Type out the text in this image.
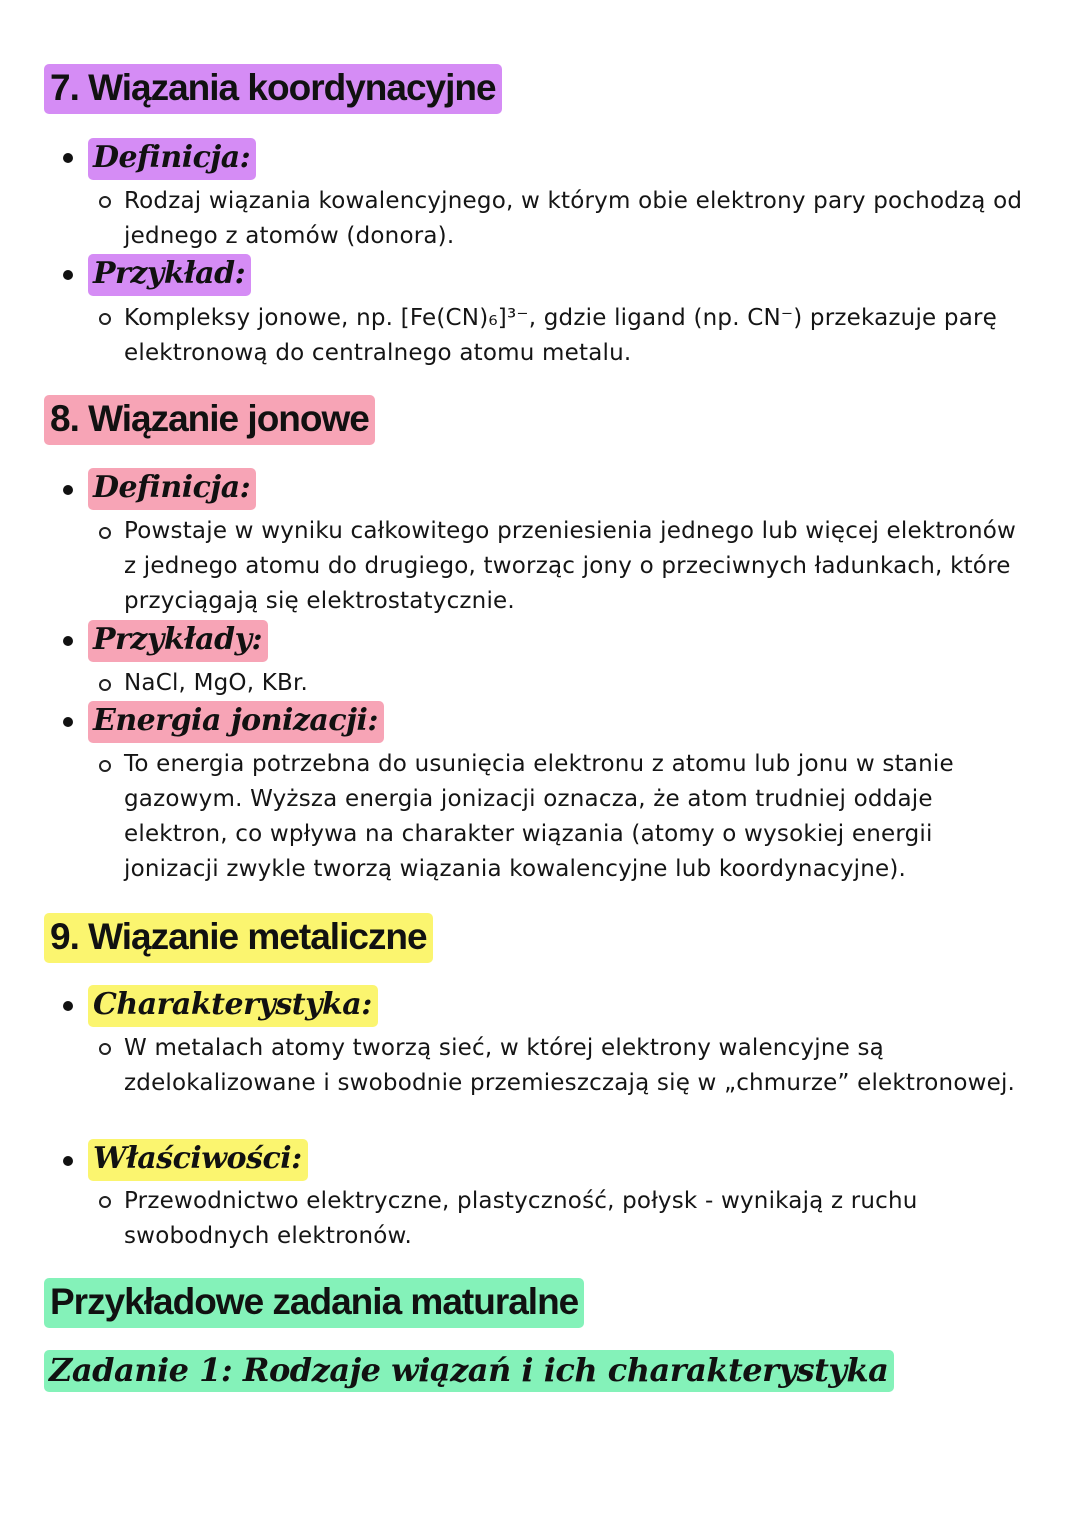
7. Wiązania koordynacyjne
Definicja:
Rodzaj wiązania kowalencyjnego, w którym obie elektrony pary pochodzą od jednego z atomów (donora).
Przykład:
Kompleksy jonowe, np. [Fe(CN)₆]³⁻, gdzie ligand (np. CN⁻) przekazuje parę elektronową do centralnego atomu metalu.
8. Wiązanie jonowe
Definicja:
Powstaje w wyniku całkowitego przeniesienia jednego lub więcej elektronów z jednego atomu do drugiego, tworząc jony o przeciwnych ładunkach, które przyciągają się elektrostatycznie.
Przykłady:
NaCl, MgO, KBr.
Energia jonizacji:
To energia potrzebna do usunięcia elektronu z atomu lub jonu w stanie gazowym. Wyższa energia jonizacji oznacza, że atom trudniej oddaje elektron, co wpływa na charakter wiązania (atomy o wysokiej energii jonizacji zwykle tworzą wiązania kowalencyjne lub koordynacyjne).
9. Wiązanie metaliczne
Charakterystyka:
W metalach atomy tworzą sieć, w której elektrony walencyjne są zdelokalizowane i swobodnie przemieszczają się w „chmurze” elektronowej.
Właściwości:
Przewodnictwo elektryczne, plastyczność, połysk - wynikają z ruchu swobodnych elektronów.
Przykładowe zadania maturalne
Zadanie 1: Rodzaje wiązań i ich charakterystyka
